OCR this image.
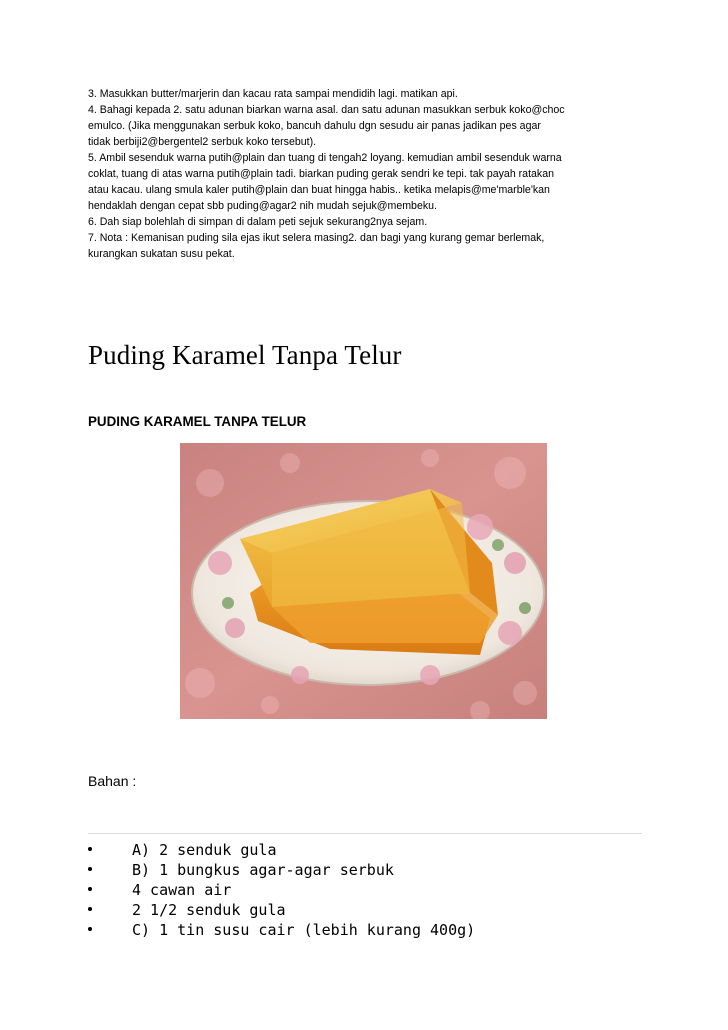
3. Masukkan butter/marjerin dan kacau rata sampai mendidih lagi. matikan api.

4. Bahagi kepada 2. satu adunan biarkan warna asal. dan satu adunan masukkan serbuk koko@choc

emulco. (Jika menggunakan serbuk koko, bancuh dahulu dgn sesudu air panas jadikan pes agar

tidak berbiji2@bergentel2 serbuk koko tersebut).

5. Ambil sesenduk warna putih@plain dan tuang di tengah2 loyang. kemudian ambil sesenduk warna

coklat, tuang di atas warna putih@plain tadi. biarkan puding gerak sendri ke tepi. tak payah ratakan

atau kacau. ulang smula kaler putih@plain dan buat hingga habis.. ketika melapis@me'marble'kan

hendaklah dengan cepat sbb puding@agar2 nih mudah sejuk@membeku.

6. Dah siap bolehlah di simpan di dalam peti sejuk sekurang2nya sejam.

7. Nota : Kemanisan puding sila ejas ikut selera masing2. dan bagi yang kurang gemar berlemak,

kurangkan sukatan susu pekat.

Puding Karamel Tanpa Telur
PUDING KARAMEL TANPA TELUR

Bahan :

A) 2 senduk gula
B) 1 bungkus agar-agar serbuk
4 cawan air
2 1/2 senduk gula
C) 1 tin susu cair (lebih kurang 400g)
